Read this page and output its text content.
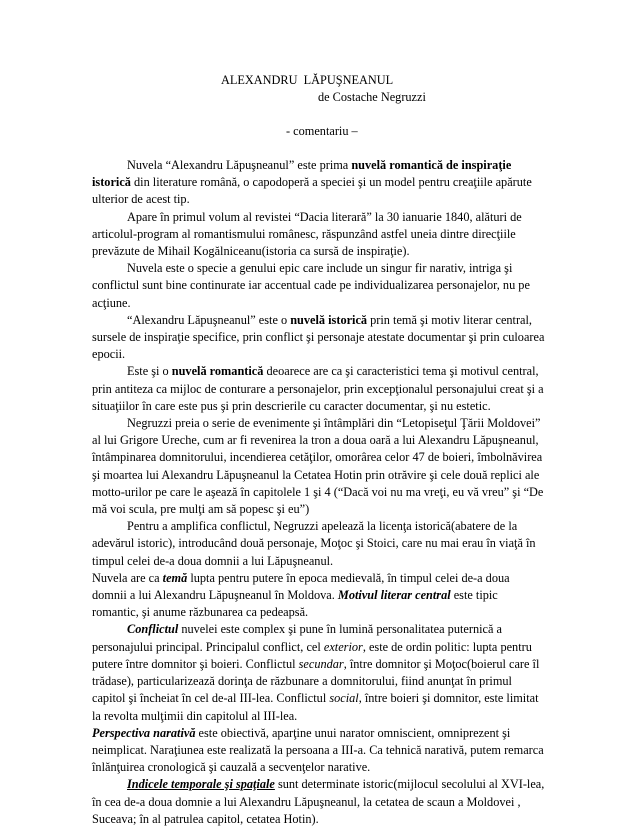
ALEXANDRU  LĂPUŞNEANUL
de Costache Negruzzi
- comentariu –

Nuvela “Alexandru Lăpuşneanul” este prima nuvelă romantică de inspiraţie istorică din literature română, o capodoperă a speciei şi un model pentru creaţiile apărute ulterior de acest tip.

Apare în primul volum al revistei “Dacia literară” la 30 ianuarie 1840, alături de articolul-program al romantismului românesc, răspunzând astfel uneia dintre direcţiile prevăzute de Mihail Kogălniceanu(istoria ca sursă de inspiraţie).

Nuvela este o specie a genului epic care include un singur fir narativ, intriga şi conflictul sunt bine continurate iar accentual cade pe individualizarea personajelor, nu pe acţiune.

“Alexandru Lăpuşneanul” este o nuvelă istorică prin temă şi motiv literar central, sursele de inspiraţie specifice, prin conflict şi personaje atestate documentar şi prin culoarea epocii.

Este şi o nuvelă romantică deoarece are ca şi caracteristici tema şi motivul central, prin antiteza ca mijloc de conturare a personajelor, prin excepţionalul personajului creat şi a situaţiilor în care este pus şi prin descrierile cu caracter documentar, şi nu estetic.

Negruzzi preia o serie de evenimente şi întâmplări din “Letopiseţul Ţării Moldovei” al lui Grigore Ureche, cum ar fi revenirea la tron a doua oară a lui Alexandru Lăpuşneanul, întâmpinarea domnitorului, incendierea cetăţilor, omorârea celor 47 de boieri, îmbolnăvirea şi moartea lui Alexandru Lăpuşneanul la Cetatea Hotin prin otrăvire şi cele două replici ale motto-urilor pe care le aşează în capitolele 1 şi 4 (“Dacă voi nu ma vreţi, eu vă vreu” şi “De mă voi scula, pre mulţi am să popesc şi eu”)

Pentru a amplifica conflictul, Negruzzi apelează la licenţa istorică(abatere de la adevărul istoric), introducând două personaje, Moţoc şi Stoici, care nu mai erau în viaţă în timpul celei de-a doua domnii a lui Lăpuşneanul.

Nuvela are ca temă lupta pentru putere în epoca medievală, în timpul celei de-a doua domnii a lui Alexandru Lăpuşneanul în Moldova. Motivul literar central este tipic romantic, şi anume răzbunarea ca pedeapsă.

Conflictul nuvelei este complex şi pune în lumină personalitatea puternică a personajului principal. Principalul conflict, cel exterior, este de ordin politic: lupta pentru putere între domnitor şi boieri. Conflictul secundar, între domnitor şi Moţoc(boierul care îl trădase), particularizează dorinţa de răzbunare a domnitorului, fiind anunţat în primul capitol şi încheiat în cel de-al III-lea. Conflictul social, între boieri şi domnitor, este limitat la revolta mulţimii din capitolul al III-lea.

Perspectiva narativă este obiectivă, aparţine unui narator omniscient, omniprezent şi neimplicat. Naraţiunea este realizată la persoana a III-a. Ca tehnică narativă, putem remarca înlănţuirea cronologică şi cauzală a secvenţelor narative.

Indicele temporale şi spaţiale sunt determinate istoric(mijlocul secolului al XVI-lea, în cea de-a doua domnie a lui Alexandru Lăpuşneanul, la cetatea de scaun a Moldovei , Suceava; în al patrulea capitol, cetatea Hotin).
